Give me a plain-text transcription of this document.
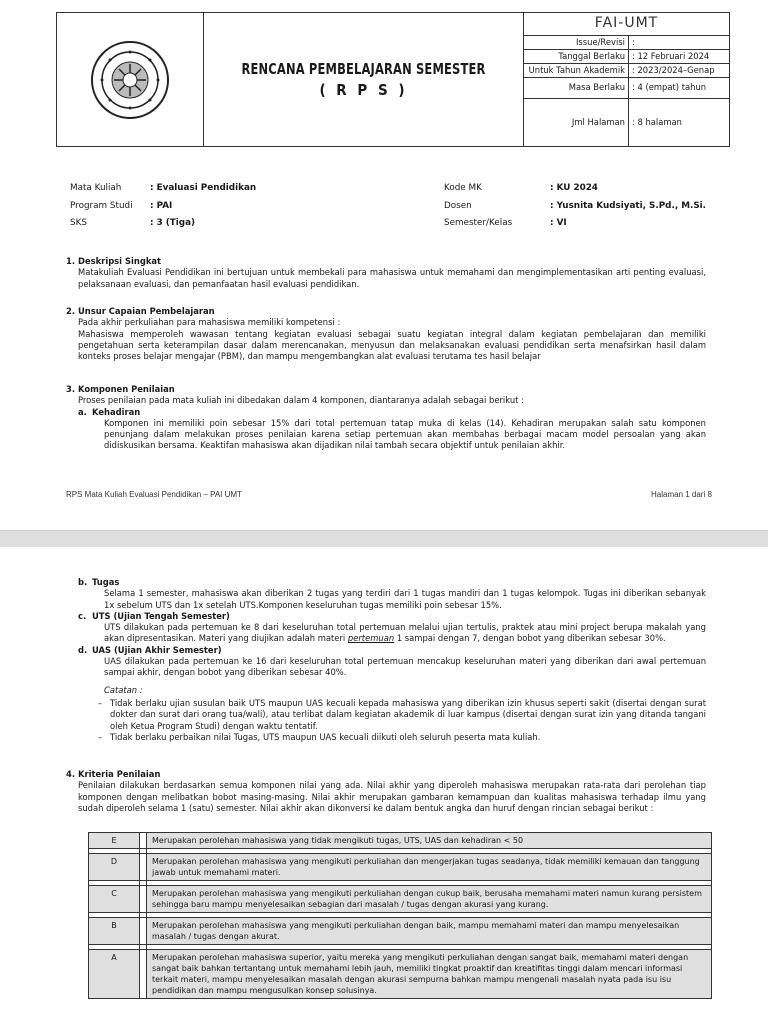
RENCANA PEMBELAJARAN SEMESTER
( R P S )
FAI-UMT
Issue/Revisi :
Tanggal Berlaku : 12 Februari 2024
Untuk Tahun Akademik : 2023/2024–Genap
Masa Berlaku : 4 (empat) tahun
Jml Halaman : 8 halaman
Mata Kuliah	: Evaluasi Pendidikan
Program Studi	: PAI
SKS	: 3 (Tiga)
Kode MK	: KU 2024
Dosen	: Yusnita Kudsiyati, S.Pd., M.Si.
Semester/Kelas	: VI
1. Deskripsi Singkat
Matakuliah Evaluasi Pendidikan ini bertujuan untuk membekali para mahasiswa untuk memahami dan mengimplementasikan arti penting evaluasi, pelaksanaan evaluasi, dan pemanfaatan hasil evaluasi pendidikan.
2. Unsur Capaian Pembelajaran
Pada akhir perkuliahan para mahasiswa memiliki kompetensi :
Mahasiswa memperoleh wawasan tentang kegiatan evaluasi sebagai suatu kegiatan integral dalam kegiatan pembelajaran dan memiliki pengetahuan serta keterampilan dasar dalam merencanakan, menyusun dan melaksanakan evaluasi pendidikan serta menafsirkan hasil dalam konteks proses belajar mengajar (PBM), dan mampu mengembangkan alat evaluasi terutama tes hasil belajar
3. Komponen Penilaian
Proses penilaian pada mata kuliah ini dibedakan dalam 4 komponen, diantaranya adalah sebagai berikut :
a. Kehadiran
Komponen ini memiliki poin sebesar 15% dari total pertemuan tatap muka di kelas (14). Kehadiran merupakan salah satu komponen penunjang dalam melakukan proses penilaian karena setiap pertemuan akan membahas berbagai macam model persoalan yang akan didiskusikan bersama. Keaktifan mahasiswa akan dijadikan nilai tambah secara objektif untuk penilaian akhir.
RPS Mata Kuliah Evaluasi Pendidikan – PAI UMT	Halaman 1 dari 8
b. Tugas
Selama 1 semester, mahasiswa akan diberikan 2 tugas yang terdiri dari 1 tugas mandiri dan 1 tugas kelompok. Tugas ini diberikan sebanyak 1x sebelum UTS dan 1x setelah UTS.Komponen keseluruhan tugas memiliki poin sebesar 15%.
c. UTS (Ujian Tengah Semester)
UTS dilakukan pada pertemuan ke 8 dari keseluruhan total pertemuan melalui ujian tertulis, praktek atau mini project berupa makalah yang akan dipresentasikan. Materi yang diujikan adalah materi pertemuan 1 sampai dengan 7, dengan bobot yang diberikan sebesar 30%.
d. UAS (Ujian Akhir Semester)
UAS dilakukan pada pertemuan ke 16 dari keseluruhan total pertemuan mencakup keseluruhan materi yang diberikan dari awal pertemuan sampai akhir, dengan bobot yang diberikan sebesar 40%.
Catatan :
– Tidak berlaku ujian susulan baik UTS maupun UAS kecuali kepada mahasiswa yang diberikan izin khusus seperti sakit (disertai dengan surat dokter dan surat dari orang tua/wali), atau terlibat dalam kegiatan akademik di luar kampus (disertai dengan surat izin yang ditanda tangani oleh Ketua Program Studi) dengan waktu tentatif.
– Tidak berlaku perbaikan nilai Tugas, UTS maupun UAS kecuali diikuti oleh seluruh peserta mata kuliah.
4. Kriteria Penilaian
Penilaian dilakukan berdasarkan semua komponen nilai yang ada. Nilai akhir yang diperoleh mahasiswa merupakan rata-rata dari perolehan tiap komponen dengan melibatkan bobot masing-masing. Nilai akhir merupakan gambaran kemampuan dan kualitas mahasiswa terhadap ilmu yang sudah diperoleh selama 1 (satu) semester. Nilai akhir akan dikonversi ke dalam bentuk angka dan huruf dengan rincian sebagai berikut :
E		Merupakan perolehan mahasiswa yang tidak mengikuti tugas, UTS, UAS dan kehadiran < 50

D		Merupakan perolehan mahasiswa yang mengikuti perkuliahan dan mengerjakan tugas seadanya, tidak memiliki kemauan dan tanggung jawab untuk memahami materi.

C		Merupakan perolehan mahasiswa yang mengikuti perkuliahan dengan cukup baik, berusaha memahami materi namun kurang persistem sehingga baru mampu menyelesaikan sebagian dari masalah / tugas dengan akurasi yang kurang.

B		Merupakan perolehan mahasiswa yang mengikuti perkuliahan dengan baik, mampu memahami materi dan mampu menyelesaikan masalah / tugas dengan akurat.

A		Merupakan perolehan mahasiswa superior, yaitu mereka yang mengikuti perkuliahan dengan sangat baik, memahami materi dengan sangat baik bahkan tertantang untuk memahami lebih jauh, memiliki tingkat proaktif dan kreatifitas tinggi dalam mencari informasi terkait materi, mampu menyelesaikan masalah dengan akurasi sempurna bahkan mampu mengenali masalah nyata pada isu isu pendidikan dan mampu mengusulkan konsep solusinya.
